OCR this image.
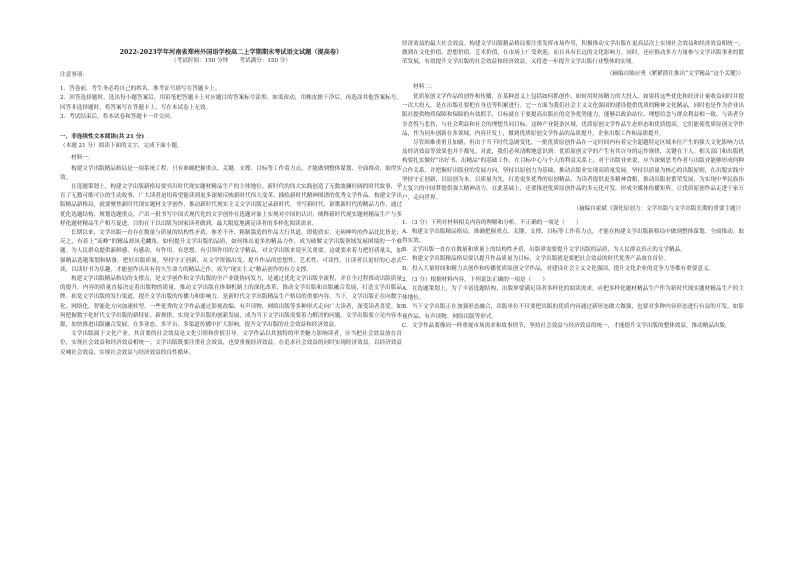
2022-2023学年河南省郑州外国语学校高二上学期期末考试语文试题（提高卷）
（考试时间：150 分钟　　考试满分：150 分）
注意事项：

1．答卷前，考生务必将自己的姓名、准考证号填写在答题卡上。

2．回答选择题时，选出每小题答案后，用铅笔把答题卡上对应题目的答案标号涂黑。如需改动，用橡皮擦干净后，再选涂其他答案标号。回答非选择题时，将答案写在答题卡上，写在本试卷上无效。

3．考试结束后，将本试卷和答题卡一并交回。

一、非连续性文本阅读(共 21 分)
（本题 21 分）阅读下面的文字，完成下面小题。

材料一：

构建文学出版精品格局是一项系统工程，只有准确把握重点、关键、支撑、目标等工作着力点，才能做到整体谋划、全面推动、取得实效。

在选题策划上，构建文学出版新格局要突出时代现实题材精品生产的主体地位。新时代的伟大实践创造了无数波澜壮阔的时代故事，孕育了无数可歌可泣的生动故事，广大读者迫切希望能读到更多深刻反映新时代伟大变革、描绘新时代精神图谱的优秀文学作品。构建文学出版精品新格局，就要聚焦新时代现实题材文学创作，推动新时代现实主义文学出版记录新时代、书写新时代、讴歌新时代的精品力作，通过优化选题结构、规划选题重点，产出一批书写中国式现代化的文学创作在选题对象上实现对中国的认识，阐释新时代现实题材精品生产与多样化题材精品生产相互促进，目的在于以出版为国家读者做到，最大限度地满足读者的多样化阅读需求。

长期以来，文学出版一直存在数量与质量的结构性矛盾，参差不齐、粗制滥造的作品大行其道，即使质实、无病呻吟的作品比比皆是；反之，有着上“高峰”的精品却凤毛麟角，如何提升文学出版的品质，如何推出更多的精品力作，成为破解文学出版领域发展困境的一个难题。为人民群众提供新鲜感、有感动、有作用，有思想、有引领作用的文学精品，对文学出版来说至关重要。这就要求着力把好质量关，加强精品选题策划和储备，把好出版质量，坚持守正创新，从文学资源出发，提升作品的思想性、艺术性、可读性。让读者以更好的心态去读，以读好书为乐趣，才能创作出具有持久生命力的精品之作，成为“现实主义”精品创作的有力支撑。

构建文学出版精品格局的支撑点，是文学创作和文学出版的全产业链协同发力，是通过优化文学出版全流程，并在全过程推动出版质量的提升。内容的质量直接决定着出版物的质量。推动文学出版在体制机制上的深化改革，推动文学出版和出版融合发展，打造文学出版品牌。拓宽文学出版的发行渠道，提升文学出版的传播力和影响力，是新时代文学出版精品生产格局的重要内容。当下，文学出版正在向数字化、网络化、智能化方向加速转型，一些优秀的文学作品通过影视改编、有声读物、网络出版等多种形式走向广大读者，深受读者喜爱。如何把握数字化时代文学出版的新特征、新规律，实现文学出版的创新发展，成为当下文学出版需要着力解决的问题。文学出版要立足内容本源，加快推进出版融合发展，在多业态、多平台、多渠道传播中扩大影响，提升文学出版的社会效益和经济效益。

文学出版属于文化产业，其首要的社会效益是文化引领和价值引导。文学作品以其独特的审美魅力影响读者，应当把社会效益放在首位，实现社会效益和经济效益相统一。文学出版既要注重社会效益，也要重视经济效益，在追求社会效益的同时实现经济效益，以经济效益反哺社会效益，实现社会效益与经济效益的良性循环。

经济效益的最大社会效益。构建文学出版精品格局要注重发挥市场作用，积极推动文学出版在更高层次上实现社会效益和经济效益相统一，做到在文化价值、思想价值、艺术价值，在市场上广受欢迎，而且具有长远的文化影响力。同时，还应推动多方力量参与文学出版事业的繁荣发展，有效提升文学出版的社会效益和经济效益，又将进一步提升文学出版行业整体的实现。

（摘编自陈应勇《紧紧抓住推出“文学精品”这个关键》）

材料二：

优质原创文学作品的创作和传播，在某种意义上包括如何抓创作、如何用时间精力的大投入。如果将这些优化和经济计量收益同时并提一次大投入，是在出版社要把在身边等积累进行。它一方面为我们社会主义文化强国的建设提供优质的精神文化精品，同时也是作为企业出版社提供物质保障和保障的有效抓手，目标就在于要提高出版社的竞争优势能力，能够以政治站位、理想信念与群众利益相一致、与读者分享喜悦与悲伤，与社会利益和社会的理想共同目标，这种产业链条区域，优质原创文学作品生态形态和优质提高，它们能使优质原创文学作品，作为同步创新在多领域、内容开发上，做到优质原创文学作品的品质提升，企业出版工作和品质提升。

尽管困难重重且加剧，但由于当下时代急剧变化，一批优质原创作品在一定时间内有着完全超越特定区域本位产生的强大文化影响力以及经济效益等效果也并不都见。对此，我们必须清醒地意识到：优质原创文学的产生有其自身的运作规律，关键在于人。相关部门和出版机构要扎实做好“出好书、出精品”的基础工作，在目标中心与个人的利益关系上，对于出版业来说，应当深刻思考作者与出版业能够形成何种合作关系，并把握好出版业的发展方向，坚持以原创力为基础，推动出版业实现高质量发展。坚持以质量为核心的出版原则，在出版实践中坚持守正创新，以原创为本，以质量为先，打造更多优秀的原创精品，为读者提供更多精神食粮，推动出版业繁荣发展，为实现中华民族伟大复兴的中国梦提供强大精神动力。在此基础上，还要推进优质原创作品的多元化开发，形成全媒体传播矩阵，让优质原创作品走进千家万户，走向世界。

（摘编自霍斌《强化原创力：文学出版与文学出版长期的重要主题》）

1．（3 分）下列对材料相关内容的理解和分析，不正确的一项是（　　）

A．构建文学出版精品格局，准确把握重点、关键、支撑、目标等工作着力点，才能在构建文学出版新格局中做到整体谋划、全面推动、取得实效。

B．文学出版一直存在数量和质量上的结构性矛盾，出版界需要提升文学出版的品质，为人民群众真正的文学精品。

C．构建文学出版精品格局要以提升作品质量为目标，文学出版就是要把社会效益的时代优秀产品放在首位。

D．投入大量时间和精力去创作和传播优质原创文学作品，对建设社会主义文化强国、提升文化企业的竞争力等都有重要意义。

2．（3 分）根据材料内容，下列说法正确的一项是（　　）

A．在选题策划上，为了丰富选题结构，出版界要满足读者多样化的阅读需求，应把多样化题材精品生产作为新时代现实题材精品生产的主体地位。

B．当下文学出版正在加强形态融合，出版单位不仅要把出版的优质内容通过新形态做大做强，也要对多种内容形态进行有益的开发，如影视作品、有声读物、网络出版等形式。

C．文学作品要像同一样重视市场需求和故事情节，坚持社会效益与经济效益的统一，才能提升文学出版的整体效益，推动精品出版。
